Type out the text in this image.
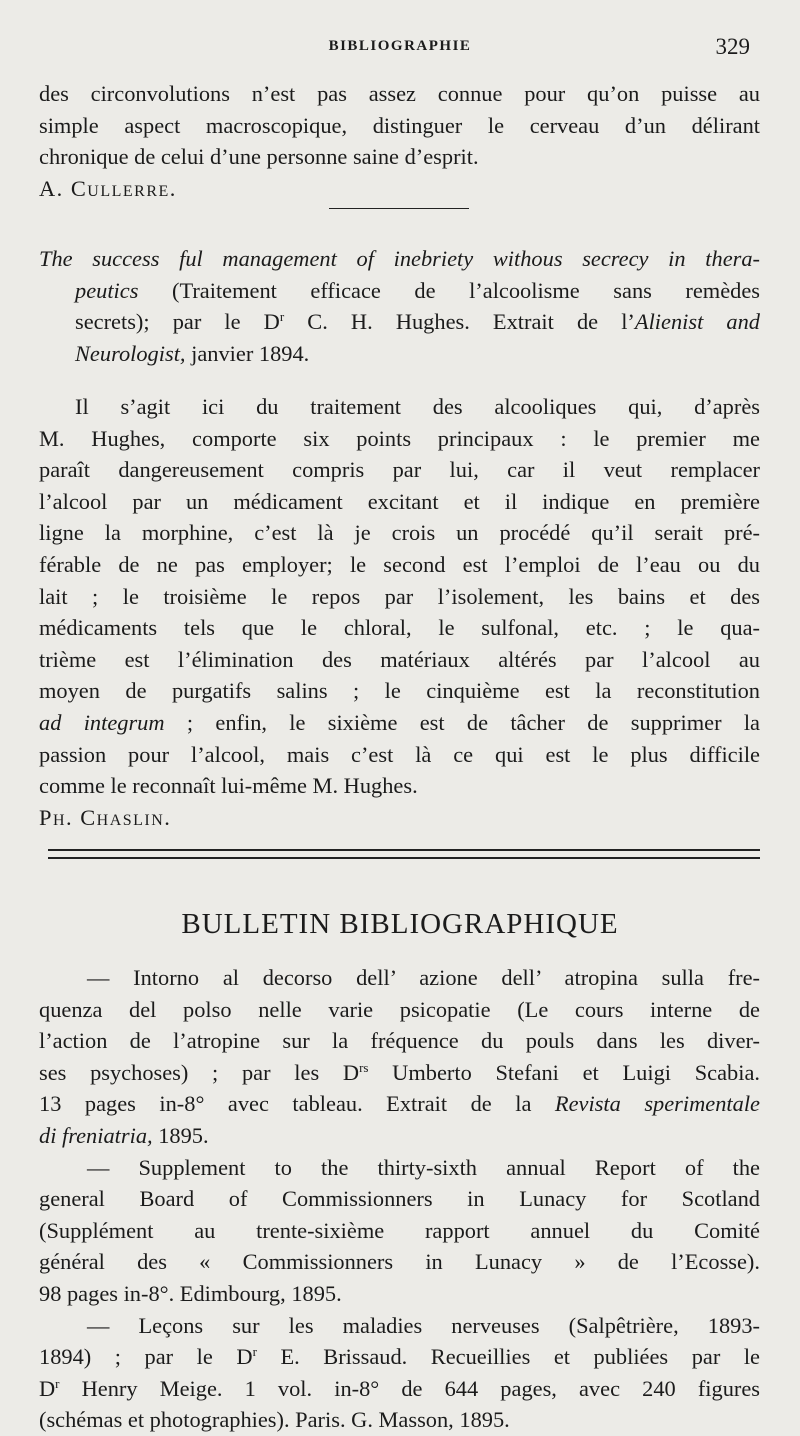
BIBLIOGRAPHIE	329
des circonvolutions n’est pas assez connue pour qu’on puisse au
simple aspect macroscopique, distinguer le cerveau d’un délirant
chronique de celui d’une personne saine d’esprit.
A. Cullerre.
The success ful management of inebriety withous secrecy in thera-
peutics (Traitement efficace de l’alcoolisme sans remèdes
secrets); par le $D^r$ C. H. Hughes. Extrait de l’Alienist and
Neurologist, janvier 1894.
Il s’agit ici du traitement des alcooliques qui, d’après
M. Hughes, comporte six points principaux : le premier me
paraît dangereusement compris par lui, car il veut remplacer
l’alcool par un médicament excitant et il indique en première
ligne la morphine, c’est là je crois un procédé qu’il serait pré-
férable de ne pas employer; le second est l’emploi de l’eau ou du
lait ; le troisième le repos par l’isolement, les bains et des
médicaments tels que le chloral, le sulfonal, etc. ; le qua-
trième est l’élimination des matériaux altérés par l’alcool au
moyen de purgatifs salins ; le cinquième est la reconstitution
ad integrum ; enfin, le sixième est de tâcher de supprimer la
passion pour l’alcool, mais c’est là ce qui est le plus difficile
comme le reconnaît lui-même M. Hughes.
Ph. Chaslin.
BULLETIN BIBLIOGRAPHIQUE
— Intorno al decorso dell’ azione dell’ atropina sulla fre-
quenza del polso nelle varie psicopatie (Le cours interne de
l’action de l’atropine sur la fréquence du pouls dans les diver-
ses psychoses) ; par les $D^{rs}$ Umberto Stefani et Luigi Scabia.
13 pages in-8° avec tableau. Extrait de la Revista sperimentale
di freniatria, 1895.
— Supplement to the thirty-sixth annual Report of the
general Board of Commissionners in Lunacy for Scotland
(Supplément au trente-sixième rapport annuel du Comité
général des « Commissionners in Lunacy » de l’Ecosse).
98 pages in-8°. Edimbourg, 1895.
— Leçons sur les maladies nerveuses (Salpêtrière, 1893-
1894) ; par le $D^r$ E. Brissaud. Recueillies et publiées par le
$D^r$ Henry Meige. 1 vol. in-8° de 644 pages, avec 240 figures
(schémas et photographies). Paris. G. Masson, 1895.
